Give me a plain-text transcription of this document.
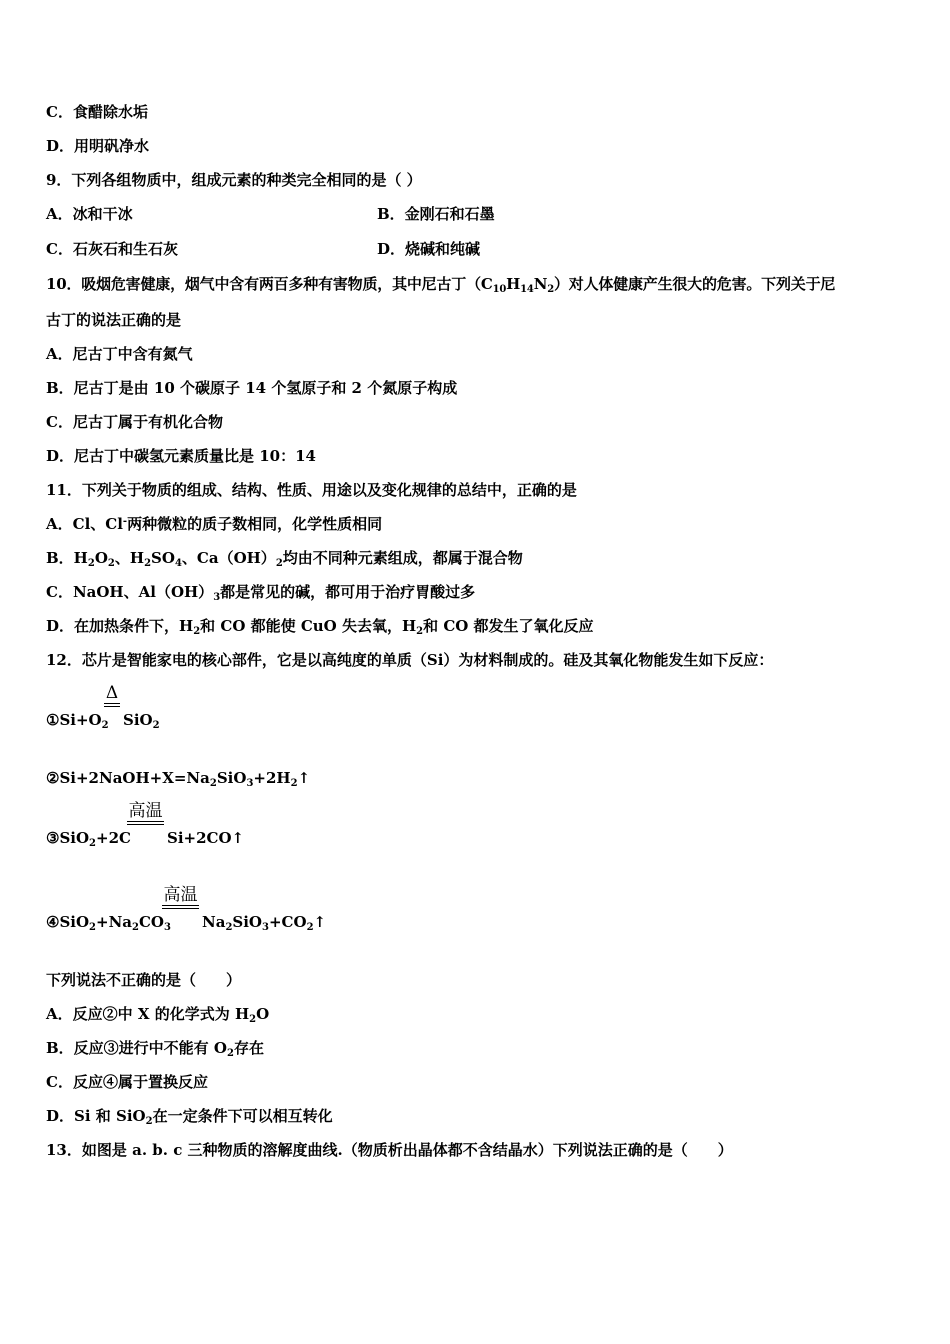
C．食醋除水垢
D．用明矾净水
9．下列各组物质中，组成元素的种类完全相同的是（ ）
A．冰和干冰	B．金刚石和石墨
C．石灰石和生石灰	D．烧碱和纯碱
10．吸烟危害健康，烟气中含有两百多种有害物质，其中尼古丁$(C_{10}H_{14}N_2)$对人体健康产生很大的危害。下列关于尼
古丁的说法正确的是
A．尼古丁中含有氮气
B．尼古丁是由 10 个碳原子 14 个氢原子和 2 个氮原子构成
C．尼古丁属于有机化合物
D．尼古丁中碳氢元素质量比是 10：14
11．下列关于物质的组成、结构、性质、用途以及变化规律的总结中，正确的是
A．Cl、Cl-两种微粒的质子数相同，化学性质相同
B．$H_2O_2$、$H_2SO_4$、$Ca(OH)_2$均由不同种元素组成，都属于混合物
C．NaOH、$Al(OH)_3$都是常见的碱，都可用于治疗胃酸过多
D．在加热条件下，$H_2$和 CO 都能使 CuO 失去氧，$H_2$和 CO 都发生了氧化反应
12．芯片是智能家电的核心部件，它是以高纯度的单质（Si）为材料制成的。硅及其氧化物能发生如下反应：
$①Si+O_2$
Δ
SiO$_2$
$②Si+2NaOH+X=Na_2SiO_3+2H_2↑$
③SiO$_2$+2C
高温
Si+2CO↑
$④SiO_2+Na_2CO_3$
高温
$Na_2SiO_3+CO_2↑$
下列说法不正确的是（　　）
A．反应②中 X 的化学式为 $H_2O$
B．反应③进行中不能有 $O_2$存在
C．反应④属于置换反应
D．Si 和 SiO$_2$在一定条件下可以相互转化
13．如图是 a. b. c 三种物质的溶解度曲线.（物质析出晶体都不含结晶水）下列说法正确的是（　　）
